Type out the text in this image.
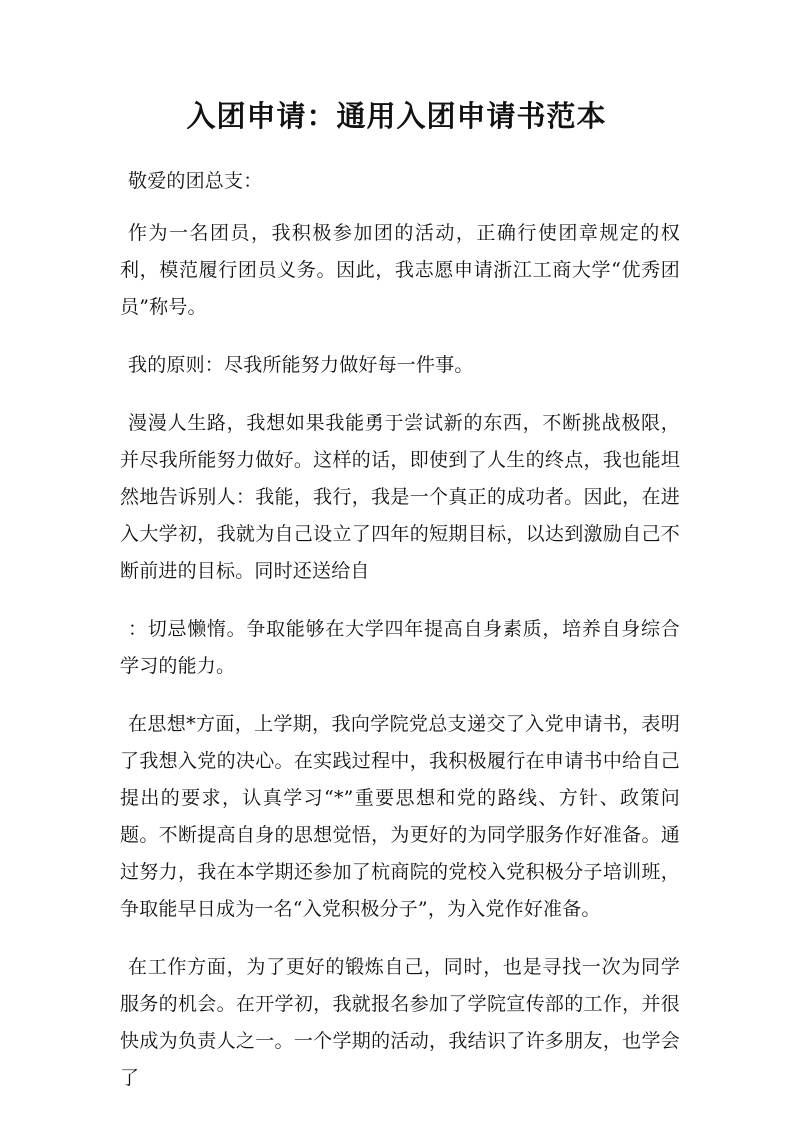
入团申请：通用入团申请书范本

敬爱的团总支：

作为一名团员，我积极参加团的活动，正确行使团章规定的权利，模范履行团员义务。因此，我志愿申请浙江工商大学“优秀团员”称号。

我的原则：尽我所能努力做好每一件事。

漫漫人生路，我想如果我能勇于尝试新的东西，不断挑战极限，并尽我所能努力做好。这样的话，即使到了人生的终点，我也能坦然地告诉别人：我能，我行，我是一个真正的成功者。因此，在进入大学初，我就为自己设立了四年的短期目标，以达到激励自己不断前进的目标。同时还送给自

：切忌懒惰。争取能够在大学四年提高自身素质，培养自身综合学习的能力。

在思想*方面，上学期，我向学院党总支递交了入党申请书，表明了我想入党的决心。在实践过程中，我积极履行在申请书中给自己提出的要求，认真学习“*”重要思想和党的路线、方针、政策问题。不断提高自身的思想觉悟，为更好的为同学服务作好准备。通过努力，我在本学期还参加了杭商院的党校入党积极分子培训班，争取能早日成为一名“入党积极分子”，为入党作好准备。

在工作方面，为了更好的锻炼自己，同时，也是寻找一次为同学服务的机会。在开学初，我就报名参加了学院宣传部的工作，并很快成为负责人之一。一个学期的活动，我结识了许多朋友，也学会了
